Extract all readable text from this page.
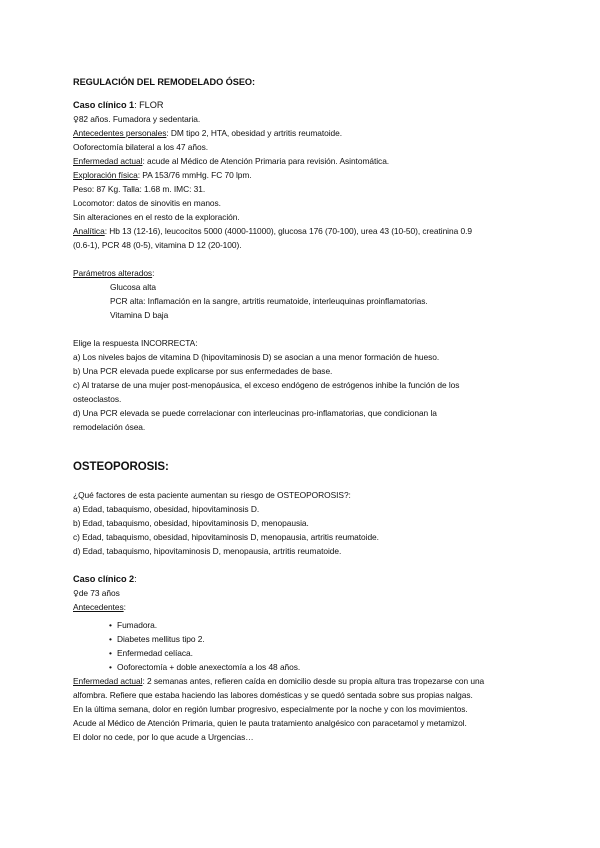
REGULACIÓN DEL REMODELADO ÓSEO:
Caso clínico 1: FLOR
♀82 años. Fumadora y sedentaria.
Antecedentes personales: DM tipo 2, HTA, obesidad y artritis reumatoide.
Ooforectomía bilateral a los 47 años.
Enfermedad actual: acude al Médico de Atención Primaria para revisión. Asintomática.
Exploración física: PA 153/76 mmHg. FC 70 lpm.
Peso: 87 Kg. Talla: 1.68 m. IMC: 31.
Locomotor: datos de sinovitis en manos.
Sin alteraciones en el resto de la exploración.
Analítica: Hb 13 (12-16), leucocitos 5000 (4000-11000), glucosa 176 (70-100), urea 43 (10-50), creatinina 0.9
(0.6-1), PCR 48 (0-5), vitamina D 12 (20-100).
Parámetros alterados:
Glucosa alta
PCR alta: Inflamación en la sangre, artritis reumatoide, interleuquinas proinflamatorias.
Vitamina D baja
Elige la respuesta INCORRECTA:
a) Los niveles bajos de vitamina D (hipovitaminosis D) se asocian a una menor formación de hueso.
b) Una PCR elevada puede explicarse por sus enfermedades de base.
c) Al tratarse de una mujer post-menopáusica, el exceso endógeno de estrógenos inhibe la función de los
osteoclastos.
d) Una PCR elevada se puede correlacionar con interleucinas pro-inflamatorias, que condicionan la
remodelación ósea.
OSTEOPOROSIS:
¿Qué factores de esta paciente aumentan su riesgo de OSTEOPOROSIS?:
a) Edad, tabaquismo, obesidad, hipovitaminosis D.
b) Edad, tabaquismo, obesidad, hipovitaminosis D, menopausia.
c) Edad, tabaquismo, obesidad, hipovitaminosis D, menopausia, artritis reumatoide.
d) Edad, tabaquismo, hipovitaminosis D, menopausia, artritis reumatoide.
Caso clínico 2:
♀de 73 años
Antecedentes:
• Fumadora.
• Diabetes mellitus tipo 2.
• Enfermedad celíaca.
• Ooforectomía + doble anexectomía a los 48 años.
Enfermedad actual: 2 semanas antes, refieren caída en domicilio desde su propia altura tras tropezarse con una
alfombra. Refiere que estaba haciendo las labores domésticas y se quedó sentada sobre sus propias nalgas.
En la última semana, dolor en región lumbar progresivo, especialmente por la noche y con los movimientos.
Acude al Médico de Atención Primaria, quien le pauta tratamiento analgésico con paracetamol y metamizol.
El dolor no cede, por lo que acude a Urgencias…
